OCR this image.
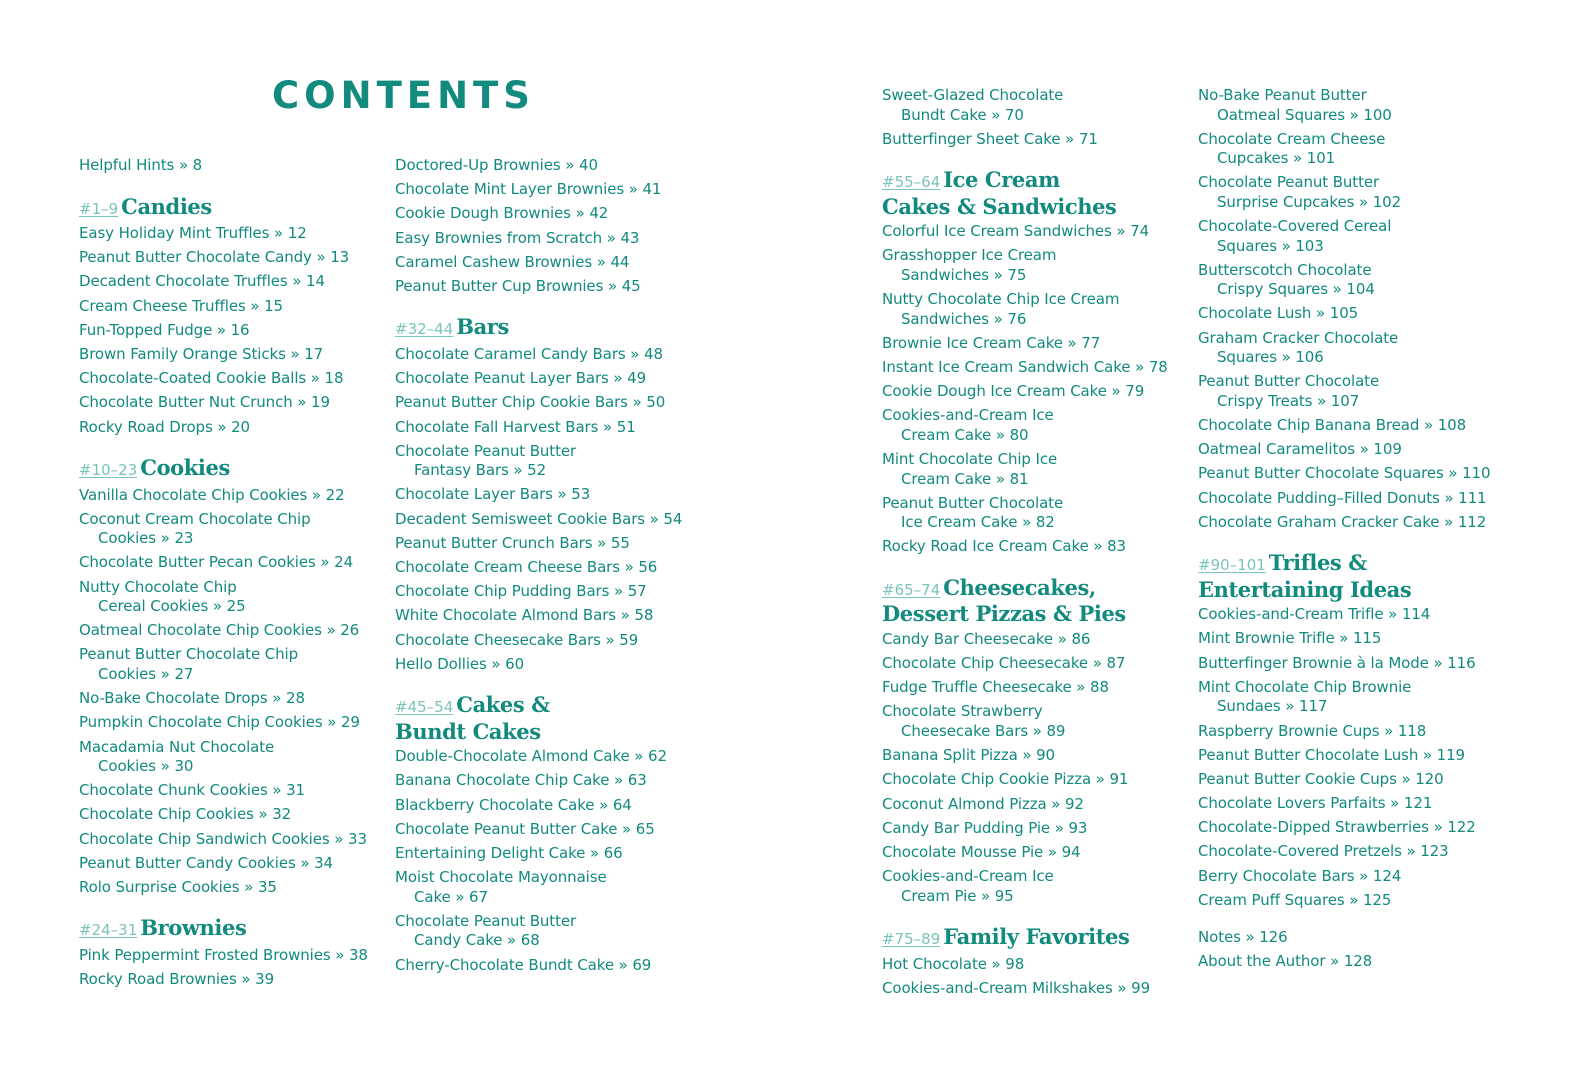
CONTENTS
Helpful Hints » 8
#1–9 Candies
Easy Holiday Mint Truffles » 12
Peanut Butter Chocolate Candy » 13
Decadent Chocolate Truffles » 14
Cream Cheese Truffles » 15
Fun-Topped Fudge » 16
Brown Family Orange Sticks » 17
Chocolate-Coated Cookie Balls » 18
Chocolate Butter Nut Crunch » 19
Rocky Road Drops » 20
#10–23 Cookies
Vanilla Chocolate Chip Cookies » 22
Coconut Cream Chocolate Chip
Cookies » 23
Chocolate Butter Pecan Cookies » 24
Nutty Chocolate Chip
Cereal Cookies » 25
Oatmeal Chocolate Chip Cookies » 26
Peanut Butter Chocolate Chip
Cookies » 27
No-Bake Chocolate Drops » 28
Pumpkin Chocolate Chip Cookies » 29
Macadamia Nut Chocolate
Cookies » 30
Chocolate Chunk Cookies » 31
Chocolate Chip Cookies » 32
Chocolate Chip Sandwich Cookies » 33
Peanut Butter Candy Cookies » 34
Rolo Surprise Cookies » 35
#24–31 Brownies
Pink Peppermint Frosted Brownies » 38
Rocky Road Brownies » 39
Doctored-Up Brownies » 40
Chocolate Mint Layer Brownies » 41
Cookie Dough Brownies » 42
Easy Brownies from Scratch » 43
Caramel Cashew Brownies » 44
Peanut Butter Cup Brownies » 45
#32–44 Bars
Chocolate Caramel Candy Bars » 48
Chocolate Peanut Layer Bars » 49
Peanut Butter Chip Cookie Bars » 50
Chocolate Fall Harvest Bars » 51
Chocolate Peanut Butter
Fantasy Bars » 52
Chocolate Layer Bars » 53
Decadent Semisweet Cookie Bars » 54
Peanut Butter Crunch Bars » 55
Chocolate Cream Cheese Bars » 56
Chocolate Chip Pudding Bars » 57
White Chocolate Almond Bars » 58
Chocolate Cheesecake Bars » 59
Hello Dollies » 60
#45–54 Cakes &
Bundt Cakes
Double-Chocolate Almond Cake » 62
Banana Chocolate Chip Cake » 63
Blackberry Chocolate Cake » 64
Chocolate Peanut Butter Cake » 65
Entertaining Delight Cake » 66
Moist Chocolate Mayonnaise
Cake » 67
Chocolate Peanut Butter
Candy Cake » 68
Cherry-Chocolate Bundt Cake » 69
Sweet-Glazed Chocolate
Bundt Cake » 70
Butterfinger Sheet Cake » 71
#55–64 Ice Cream
Cakes & Sandwiches
Colorful Ice Cream Sandwiches » 74
Grasshopper Ice Cream
Sandwiches » 75
Nutty Chocolate Chip Ice Cream
Sandwiches » 76
Brownie Ice Cream Cake » 77
Instant Ice Cream Sandwich Cake » 78
Cookie Dough Ice Cream Cake » 79
Cookies-and-Cream Ice
Cream Cake » 80
Mint Chocolate Chip Ice
Cream Cake » 81
Peanut Butter Chocolate
Ice Cream Cake » 82
Rocky Road Ice Cream Cake » 83
#65–74 Cheesecakes,
Dessert Pizzas & Pies
Candy Bar Cheesecake » 86
Chocolate Chip Cheesecake » 87
Fudge Truffle Cheesecake » 88
Chocolate Strawberry
Cheesecake Bars » 89
Banana Split Pizza » 90
Chocolate Chip Cookie Pizza » 91
Coconut Almond Pizza » 92
Candy Bar Pudding Pie » 93
Chocolate Mousse Pie » 94
Cookies-and-Cream Ice
Cream Pie » 95
#75–89 Family Favorites
Hot Chocolate » 98
Cookies-and-Cream Milkshakes » 99
No-Bake Peanut Butter
Oatmeal Squares » 100
Chocolate Cream Cheese
Cupcakes » 101
Chocolate Peanut Butter
Surprise Cupcakes » 102
Chocolate-Covered Cereal
Squares » 103
Butterscotch Chocolate
Crispy Squares » 104
Chocolate Lush » 105
Graham Cracker Chocolate
Squares » 106
Peanut Butter Chocolate
Crispy Treats » 107
Chocolate Chip Banana Bread » 108
Oatmeal Caramelitos » 109
Peanut Butter Chocolate Squares » 110
Chocolate Pudding–Filled Donuts » 111
Chocolate Graham Cracker Cake » 112
#90–101 Trifles &
Entertaining Ideas
Cookies-and-Cream Trifle » 114
Mint Brownie Trifle » 115
Butterfinger Brownie à la Mode » 116
Mint Chocolate Chip Brownie
Sundaes » 117
Raspberry Brownie Cups » 118
Peanut Butter Chocolate Lush » 119
Peanut Butter Cookie Cups » 120
Chocolate Lovers Parfaits » 121
Chocolate-Dipped Strawberries » 122
Chocolate-Covered Pretzels » 123
Berry Chocolate Bars » 124
Cream Puff Squares » 125
Notes » 126
About the Author » 128
